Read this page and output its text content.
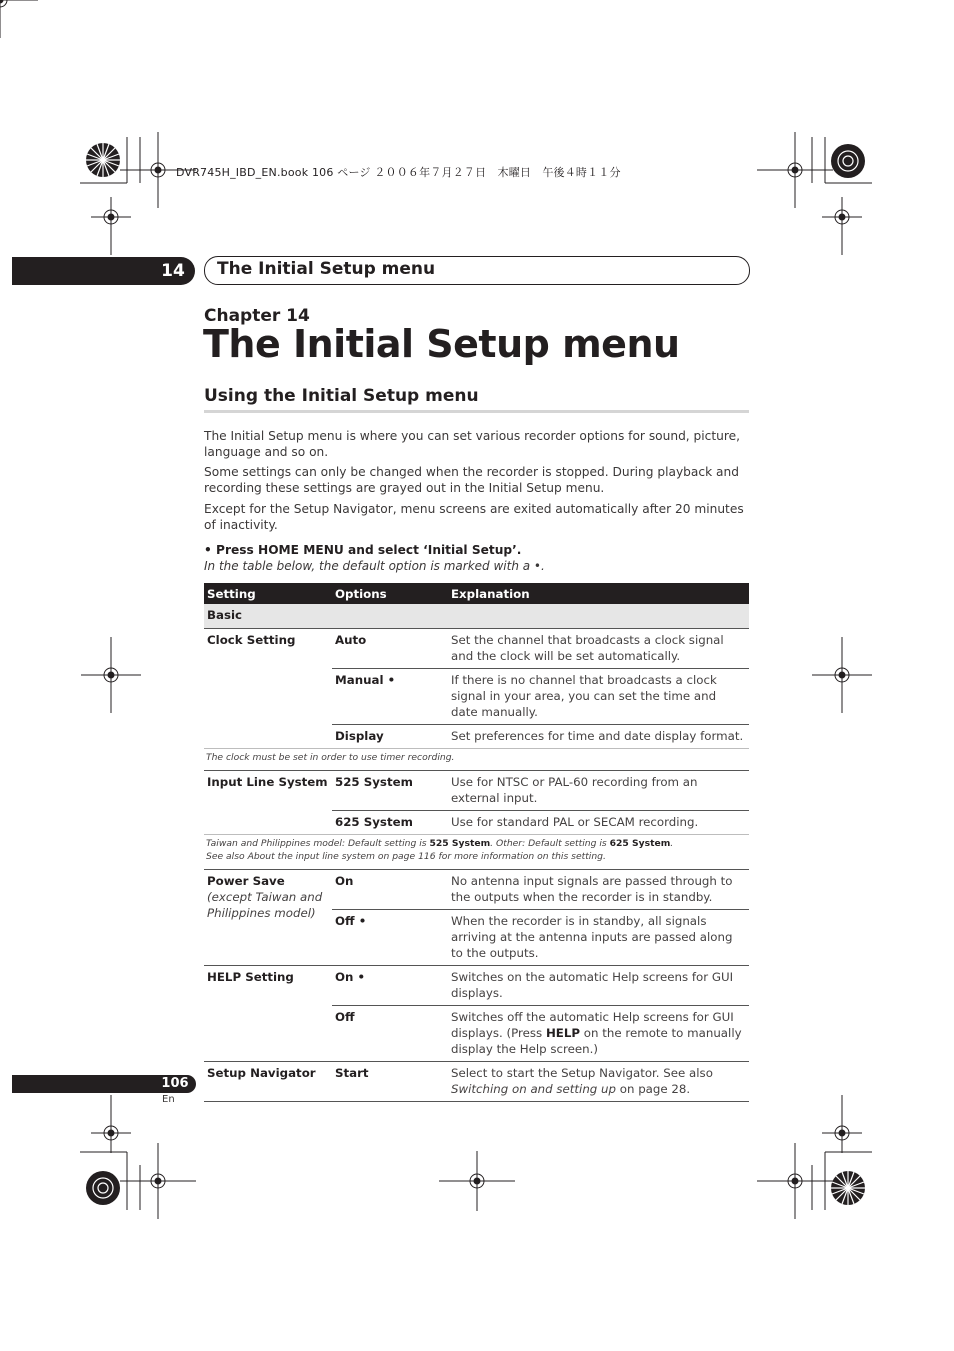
DVR745H_IBD_EN.book 106 ページ ２００６年７月２７日　木曜日　午後４時１１分
14	The Initial Setup menu
Chapter 14
The Initial Setup menu
Using the Initial Setup menu
The Initial Setup menu is where you can set various recorder options for sound, picture, language and so on.
Some settings can only be changed when the recorder is stopped. During playback and recording these settings are grayed out in the Initial Setup menu.
Except for the Setup Navigator, menu screens are exited automatically after 20 minutes of inactivity.
• Press HOME MENU and select ‘Initial Setup’.
In the table below, the default option is marked with a •.
Setting	Options	Explanation
Basic		
Clock Setting	Auto	Set the channel that broadcasts a clock signal and the clock will be set automatically.
	Manual •	If there is no channel that broadcasts a clock signal in your area, you can set the time and date manually.
	Display	Set preferences for time and date display format.
The clock must be set in order to use timer recording.		
Input Line System	525 System	Use for NTSC or PAL-60 recording from an external input.
	625 System	Use for standard PAL or SECAM recording.
Taiwan and Philippines model: Default setting is 525 System. Other: Default setting is 625 System.
See also About the input line system on page 116 for more information on this setting.		
Power Save
(except Taiwan and Philippines model)	On	No antenna input signals are passed through to the outputs when the recorder is in standby.
	Off •	When the recorder is in standby, all signals arriving at the antenna inputs are passed along to the outputs.
HELP Setting	On •	Switches on the automatic Help screens for GUI displays.
	Off	Switches off the automatic Help screens for GUI displays. (Press HELP on the remote to manually display the Help screen.)
Setup Navigator	Start	Select to start the Setup Navigator. See also Switching on and setting up on page 28.
106
En
